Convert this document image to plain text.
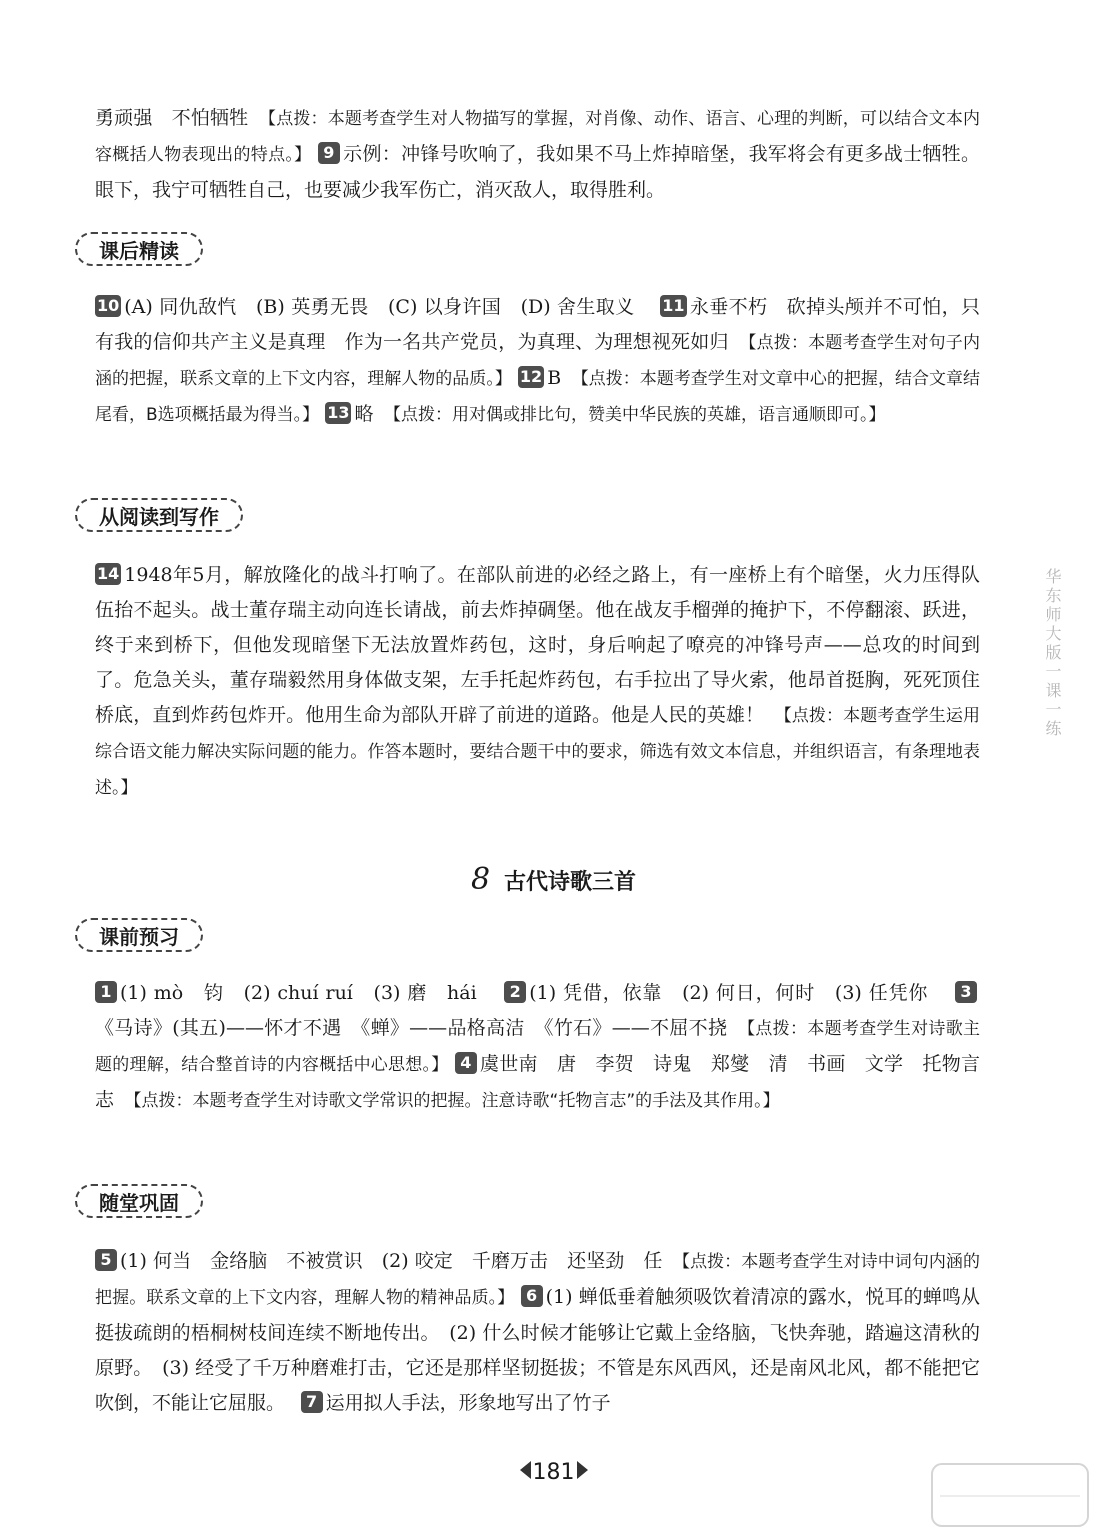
勇顽强　不怕牺牲　【点拨：本题考查学生对人物描写的掌握，对肖像、动作、语言、心理的判断，可以结合文本内容概括人物表现出的特点。】 9 示例：冲锋号吹响了，我如果不马上炸掉暗堡，我军将会有更多战士牺牲。眼下，我宁可牺牲自己，也要减少我军伤亡，消灭敌人，取得胜利。
课后精读
10 (A) 同仇敌忾　(B) 英勇无畏　(C) 以身许国　(D) 舍生取义　 11 永垂不朽　砍掉头颅并不可怕，只有我的信仰共产主义是真理　作为一名共产党员，为真理、为理想视死如归　【点拨：本题考查学生对句子内涵的把握，联系文章的上下文内容，理解人物的品质。】 12 B　【点拨：本题考查学生对文章中心的把握，结合文章结尾看，B选项概括最为得当。】 13 略　【点拨：用对偶或排比句，赞美中华民族的英雄，语言通顺即可。】
从阅读到写作
14 1948年5月，解放隆化的战斗打响了。在部队前进的必经之路上，有一座桥上有个暗堡，火力压得队伍抬不起头。战士董存瑞主动向连长请战，前去炸掉碉堡。他在战友手榴弹的掩护下，不停翻滚、跃进，终于来到桥下，但他发现暗堡下无法放置炸药包，这时，身后响起了嘹亮的冲锋号声——总攻的时间到了。危急关头，董存瑞毅然用身体做支架，左手托起炸药包，右手拉出了导火索，他昂首挺胸，死死顶住桥底，直到炸药包炸开。他用生命为部队开辟了前进的道路。他是人民的英雄！　【点拨：本题考查学生运用综合语文能力解决实际问题的能力。作答本题时，要结合题干中的要求，筛选有效文本信息，并组织语言，有条理地表述。】
8 古代诗歌三首
课前预习
1 (1) mò　钧　(2) chuí ruí　(3) 磨　hái　 2 (1) 凭借，依靠　(2) 何日，何时　(3) 任凭你　 3《马诗》(其五)——怀才不遇　《蝉》——品格高洁　《竹石》——不屈不挠　【点拨：本题考查学生对诗歌主题的理解，结合整首诗的内容概括中心思想。】 4 虞世南　唐　李贺　诗鬼　郑燮　清　书画　文学　托物言志　【点拨：本题考查学生对诗歌文学常识的把握。注意诗歌“托物言志”的手法及其作用。】
随堂巩固
5 (1) 何当　金络脑　不被赏识　(2) 咬定　千磨万击　还坚劲　任　【点拨：本题考查学生对诗中词句内涵的把握。联系文章的上下文内容，理解人物的精神品质。】 6 (1) 蝉低垂着触须吸饮着清凉的露水，悦耳的蝉鸣从挺拔疏朗的梧桐树枝间连续不断地传出。　(2) 什么时候才能够让它戴上金络脑，飞快奔驰，踏遍这清秋的原野。　(3) 经受了千万种磨难打击，它还是那样坚韧挺拔；不管是东风西风，还是南风北风，都不能把它吹倒，不能让它屈服。　 7 运用拟人手法，形象地写出了竹子
华东师大版一课一练
181
